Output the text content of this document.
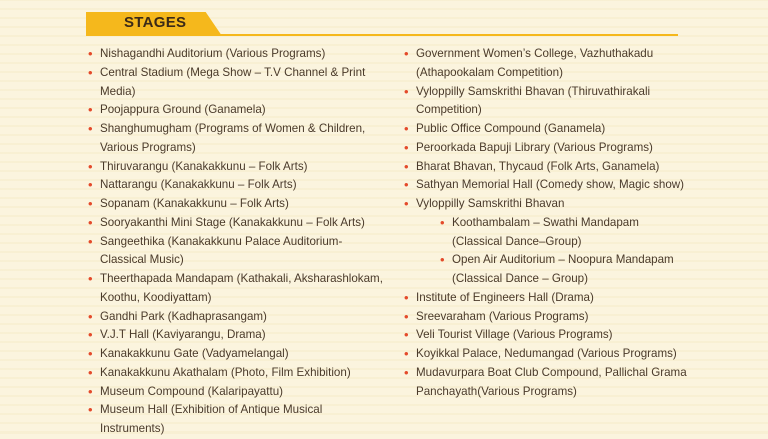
STAGES
• Nishagandhi Auditorium (Various Programs)
• Central Stadium (Mega Show – T.V Channel & Print Media)
• Poojappura Ground (Ganamela)
• Shanghumugham (Programs of Women & Children,
Various Programs)
• Thiruvarangu (Kanakakkunu – Folk Arts)
• Nattarangu (Kanakakkunu – Folk Arts)
• Sopanam (Kanakakkunu – Folk Arts)
• Sooryakanthi Mini Stage (Kanakakkunu – Folk Arts)
• Sangeethika (Kanakakkunu Palace Auditorium-
Classical Music)
• Theerthapada Mandapam (Kathakali, Aksharashlokam,
Koothu, Koodiyattam)
• Gandhi Park (Kadhaprasangam)
• V.J.T Hall (Kaviyarangu, Drama)
• Kanakakkunu Gate (Vadyamelangal)
• Kanakakkunu Akathalam (Photo, Film Exhibition)
• Museum Compound (Kalaripayattu)
• Museum Hall (Exhibition of Antique Musical Instruments)
• Government Women’s College, Vazhuthakadu
(Athapookalam Competition)
• Vyloppilly Samskrithi Bhavan (Thiruvathirakali
Competition)
• Public Office Compound (Ganamela)
• Peroorkada Bapuji Library (Various Programs)
• Bharat Bhavan, Thycaud (Folk Arts, Ganamela)
• Sathyan Memorial Hall (Comedy show, Magic show)
• Vyloppilly Samskrithi Bhavan
• Koothambalam – Swathi Mandapam
(Classical Dance–Group)
• Open Air Auditorium – Noopura Mandapam
(Classical Dance – Group)
• Institute of Engineers Hall (Drama)
• Sreevaraham (Various Programs)
• Veli Tourist Village (Various Programs)
• Koyikkal Palace, Nedumangad (Various Programs)
• Mudavurpara Boat Club Compound, Pallichal Grama
Panchayath(Various Programs)
